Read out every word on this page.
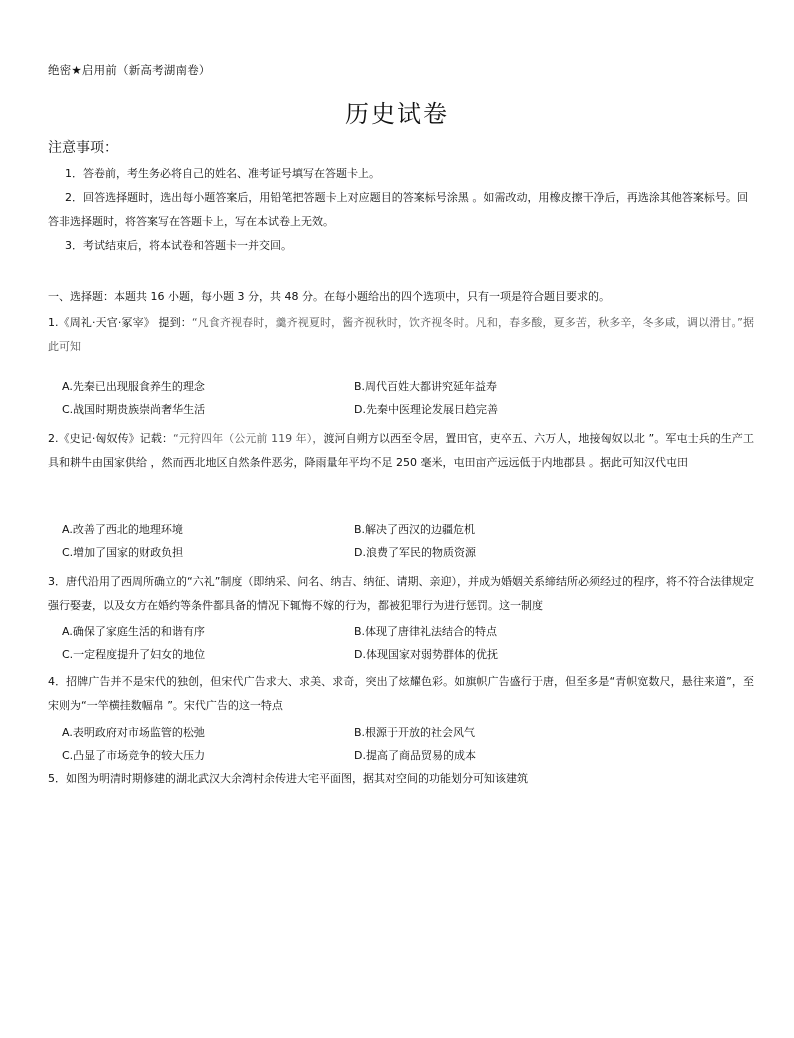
绝密★启用前（新高考湖南卷）
历史试卷
注意事项：
1．答卷前，考生务必将自己的姓名、准考证号填写在答题卡上。
2．回答选择题时，选出每小题答案后，用铅笔把答题卡上对应题目的答案标号涂黑 。如需改动，用橡皮擦干净后，再选涂其他答案标号。回答非选择题时，将答案写在答题卡上，写在本试卷上无效。
3．考试结束后，将本试卷和答题卡一并交回。
一、选择题：本题共 16 小题，每小题 3 分，共 48 分。在每小题给出的四个选项中，只有一项是符合题目要求的。
1.《周礼·天官·冢宰》 提到：“凡食齐视春时，羹齐视夏时，酱齐视秋时，饮齐视冬时。凡和，春多酸，夏多苦，秋多辛，冬多咸，调以滑甘。”据此可知
A.先秦已出现服食养生的理念	B.周代百姓大都讲究延年益寿
C.战国时期贵族崇尚奢华生活	D.先秦中医理论发展日趋完善
2.《史记·匈奴传》记载：“元狩四年（公元前 119 年），渡河自朔方以西至令居，置田官，吏卒五、六万人，地接匈奴以北 ”。军屯士兵的生产工具和耕牛由国家供给 ，然而西北地区自然条件恶劣，降雨量年平均不足 250 毫米，屯田亩产远远低于内地郡县 。据此可知汉代屯田
A.改善了西北的地理环境	B.解决了西汉的边疆危机
C.增加了国家的财政负担	D.浪费了军民的物质资源
3．唐代沿用了西周所确立的“六礼”制度（即纳采、问名、纳吉、纳征、请期、亲迎），并成为婚姻关系缔结所必须经过的程序，将不符合法律规定强行娶妻，以及女方在婚约等条件都具备的情况下辄悔不嫁的行为，都被犯罪行为进行惩罚。这一制度
A.确保了家庭生活的和谐有序	B.体现了唐律礼法结合的特点
C.一定程度提升了妇女的地位	D.体现国家对弱势群体的优抚
4．招牌广告并不是宋代的独创，但宋代广告求大、求美、求奇，突出了炫耀色彩。如旗帜广告盛行于唐，但至多是“青帜宽数尺，悬往来道”，至宋则为“一竿横挂数幅帛 ”。宋代广告的这一特点
A.表明政府对市场监管的松弛	B.根源于开放的社会风气
C.凸显了市场竞争的较大压力	D.提高了商品贸易的成本
5．如图为明清时期修建的湖北武汉大余湾村余传进大宅平面图，据其对空间的功能划分可知该建筑
